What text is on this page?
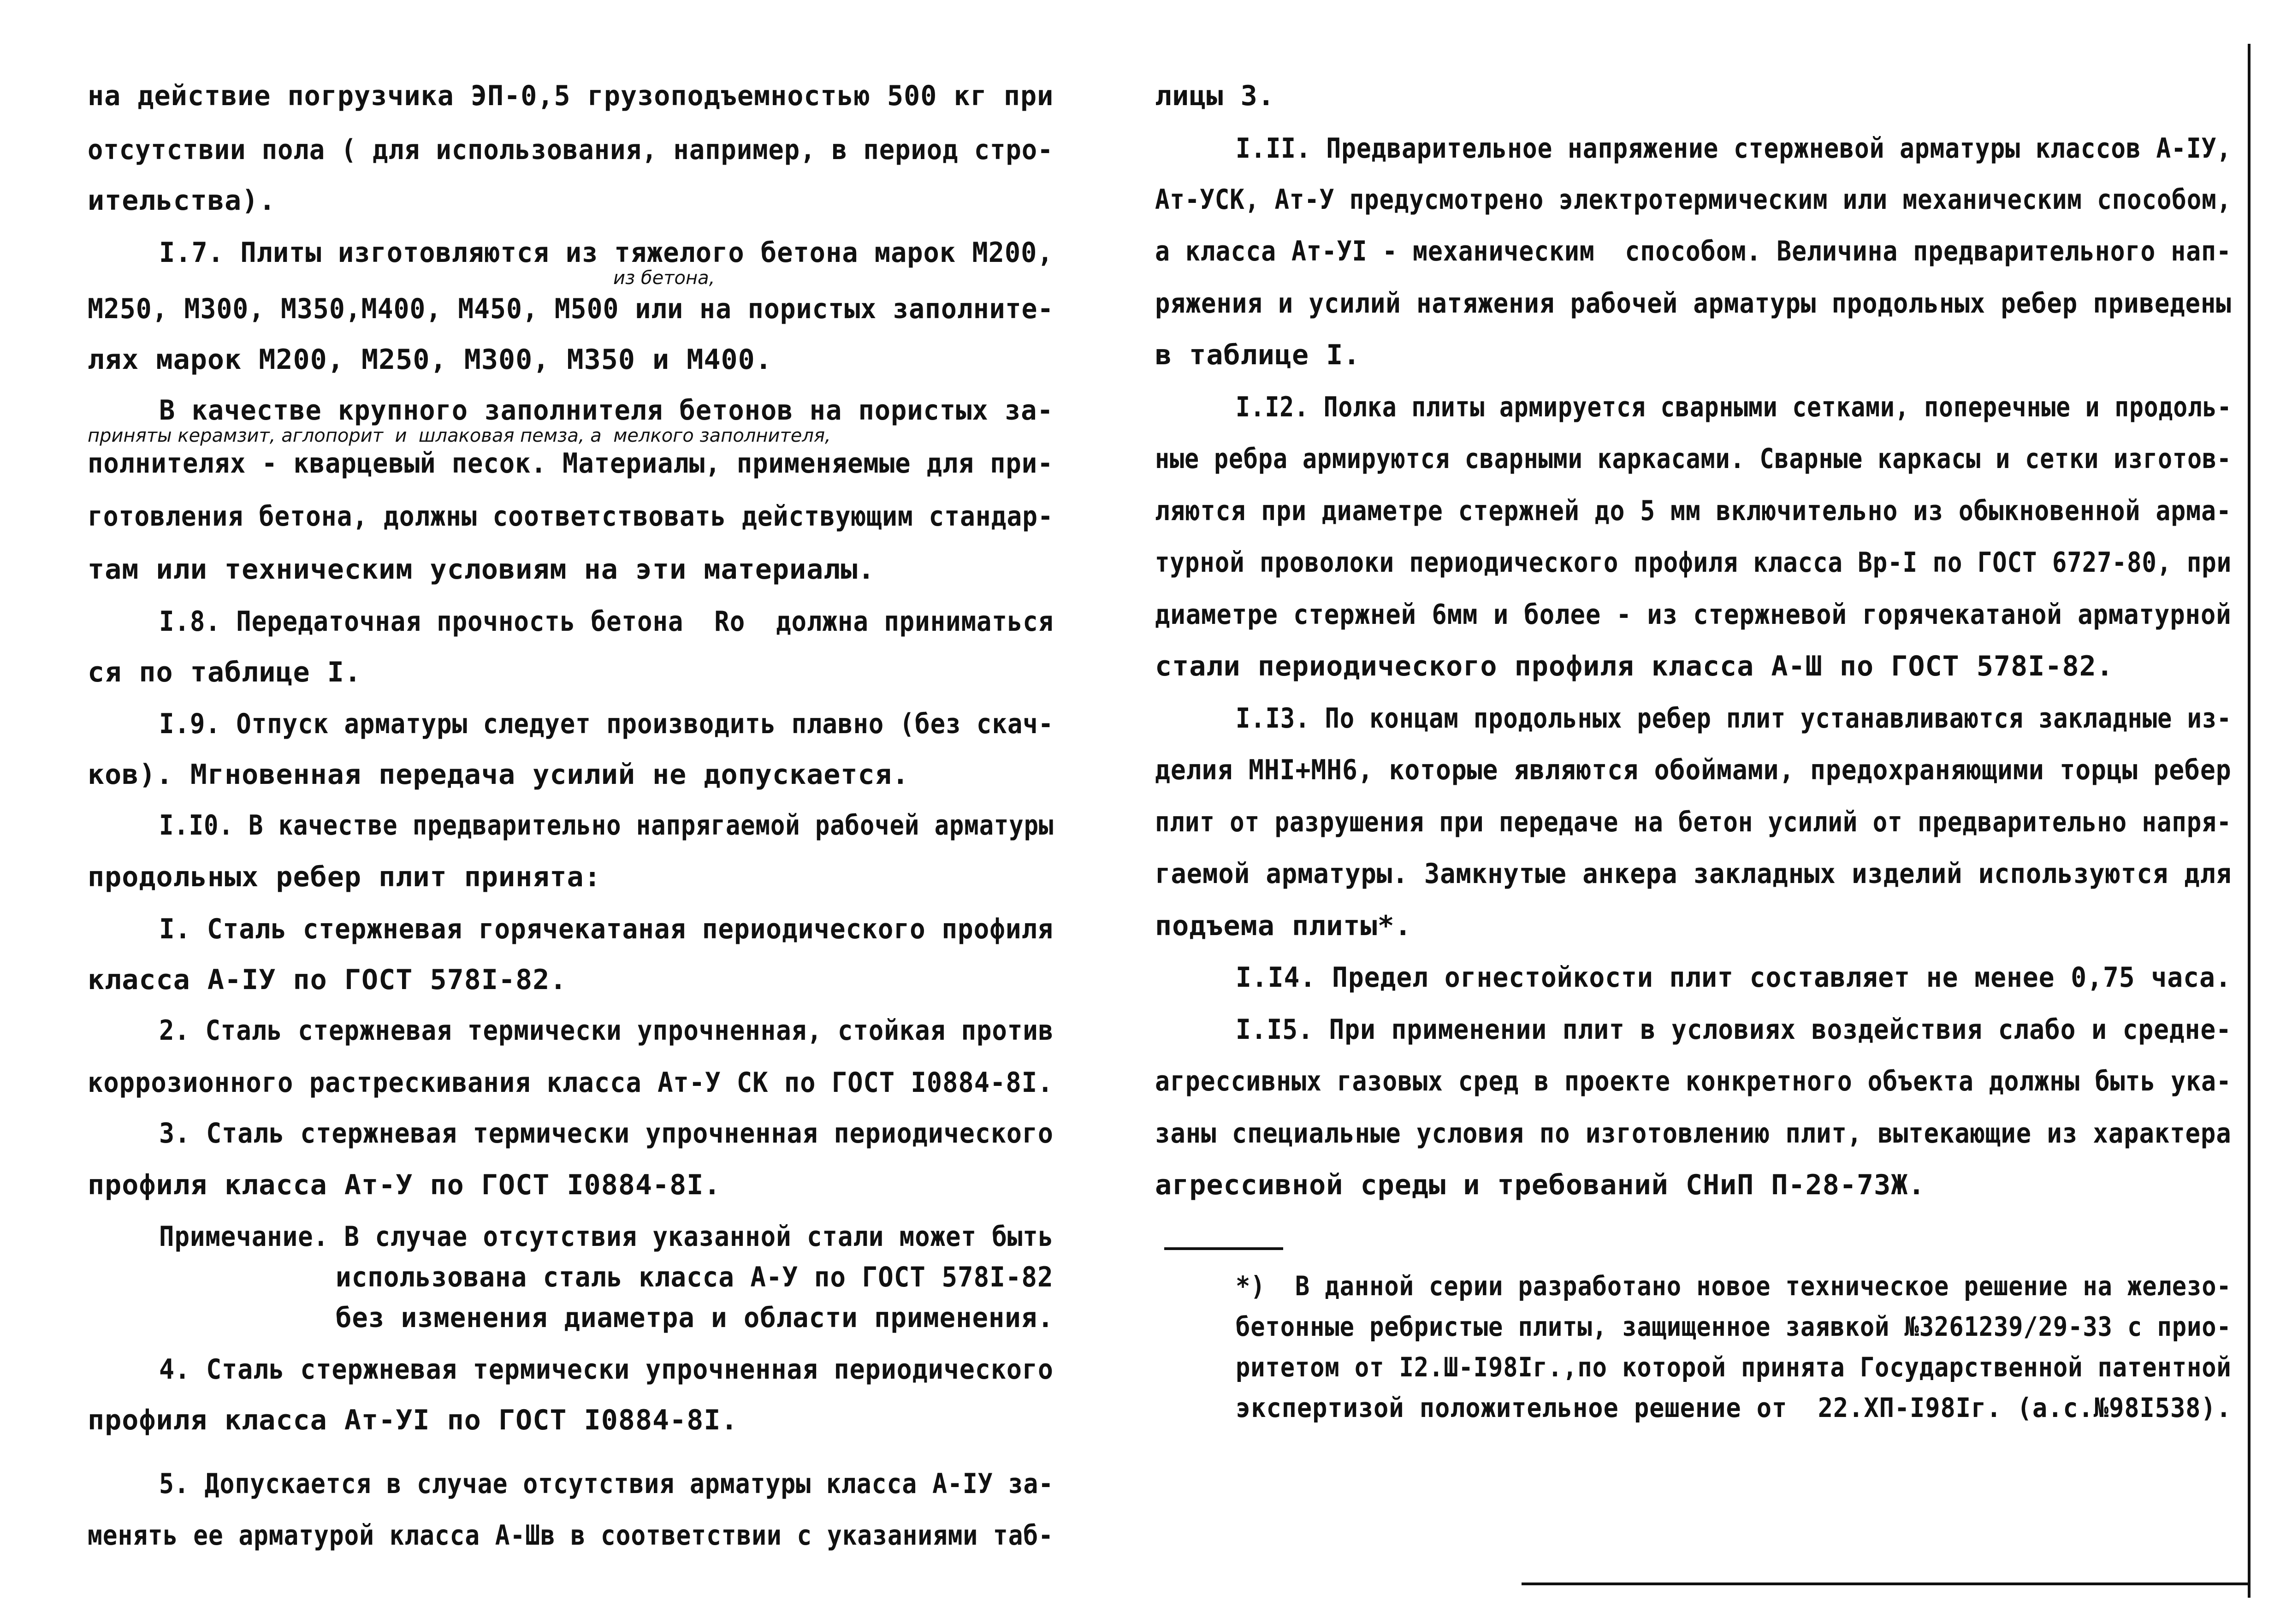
на действие погрузчика ЭП-0,5 грузоподъемностью 500 кг при
отсутствии пола ( для использования, например, в период стро-
ительства).
I.7. Плиты изготовляются из тяжелого бетона марок М200,
из бетона,
М250, М300, М350,М400, М450, М500 или на пористых заполните-
лях марок М200, М250, М300, М350 и М400.
В качестве крупного заполнителя бетонов на пористых за-
приняты керамзит, аглопорит  и  шлаковая пемза, а  мелкого заполнителя,
полнителях - кварцевый песок. Материалы, применяемые для при-
готовления бетона, должны соответствовать действующим стандар-
там или техническим условиям на эти материалы.
I.8. Передаточная прочность бетона  Rо  должна приниматься
ся по таблице I.
I.9. Отпуск арматуры следует производить плавно (без скач-
ков). Мгновенная передача усилий не допускается.
I.I0. В качестве предварительно напрягаемой рабочей арматуры
продольных ребер плит принята:
I. Сталь стержневая горячекатаная периодического профиля
класса А-IУ по ГОСТ 578I-82.
2. Сталь стержневая термически упрочненная, стойкая против
коррозионного растрескивания класса Ат-У СК по ГОСТ I0884-8I.
3. Сталь стержневая термически упрочненная периодического
профиля класса Ат-У по ГОСТ I0884-8I.
Примечание. В случае отсутствия указанной стали может быть
использована сталь класса А-У по ГОСТ 578I-82
без изменения диаметра и области применения.
4. Сталь стержневая термически упрочненная периодического
профиля класса Ат-УI по ГОСТ I0884-8I.
5. Допускается в случае отсутствия арматуры класса А-IУ за-
менять ее арматурой класса А-Шв в соответствии с указаниями таб-
лицы 3.
I.II. Предварительное напряжение стержневой арматуры классов А-IУ,
Ат-УСК, Ат-У предусмотрено электротермическим или механическим способом,
а класса Ат-УI - механическим  способом. Величина предварительного нап-
ряжения и усилий натяжения рабочей арматуры продольных ребер приведены
в таблице I.
I.I2. Полка плиты армируется сварными сетками, поперечные и продоль-
ные ребра армируются сварными каркасами. Сварные каркасы и сетки изготов-
ляются при диаметре стержней до 5 мм включительно из обыкновенной арма-
турной проволоки периодического профиля класса Вр-I по ГОСТ 6727-80, при
диаметре стержней 6мм и более - из стержневой горячекатаной арматурной
стали периодического профиля класса А-Ш по ГОСТ 578I-82.
I.I3. По концам продольных ребер плит устанавливаются закладные из-
делия МНI+МН6, которые являются обоймами, предохраняющими торцы ребер
плит от разрушения при передаче на бетон усилий от предварительно напря-
гаемой арматуры. Замкнутые анкера закладных изделий используются для
подъема плиты*.
I.I4. Предел огнестойкости плит составляет не менее 0,75 часа.
I.I5. При применении плит в условиях воздействия слабо и средне-
агрессивных газовых сред в проекте конкретного объекта должны быть ука-
заны специальные условия по изготовлению плит, вытекающие из характера
агрессивной среды и требований СНиП П-28-73Ж.
*)  В данной серии разработано новое техническое решение на железо-
бетонные ребристые плиты, защищенное заявкой №3261239/29-33 с прио-
ритетом от I2.Ш-I98Iг.,по которой принята Государственной патентной
экспертизой положительное решение от  22.ХП-I98Iг. (а.с.№98I538).
